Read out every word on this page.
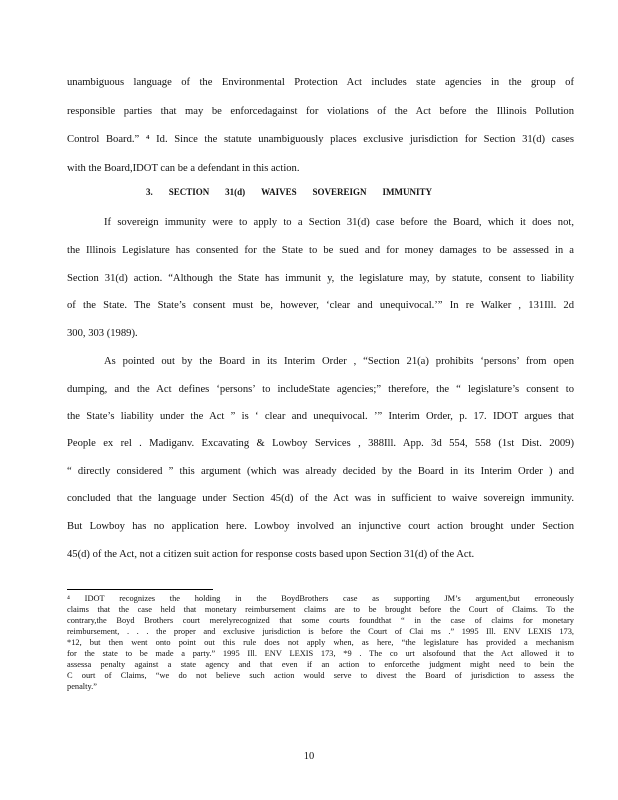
unambiguous language of the Environmental Protection Act includes state agencies in the group of
responsible parties that may be enforcedagainst for violations of the Act before the Illinois Pollution
Control Board.” ⁴ Id. Since the statute unambiguously places exclusive jurisdiction for Section 31(d) cases
with the Board,IDOT can be a defendant in this action.
3. SECTION 31(d) WAIVES SOVEREIGN IMMUNITY
If sovereign immunity were to apply to a Section 31(d) case before the Board, which it does not,
the Illinois Legislature has consented for the State to be sued and for money damages to be assessed in a
Section 31(d) action. “Although the State has immunit y, the legislature may, by statute, consent to liability
of the State. The State’s consent must be, however, ‘clear and unequivocal.’” In re Walker , 131Ill. 2d
300, 303 (1989).
As pointed out by the Board in its Interim Order , “Section 21(a) prohibits ‘persons’ from open
dumping, and the Act defines ‘persons’ to includeState agencies;” therefore, the “ legislature’s consent to
the State’s liability under the Act ” is ‘ clear and unequivocal. ’” Interim Order, p. 17. IDOT argues that
People ex rel . Madiganv. Excavating & Lowboy Services , 388Ill. App. 3d 554, 558 (1st Dist. 2009)
“ directly considered ” this argument (which was already decided by the Board in its Interim Order ) and
concluded that the language under Section 45(d) of the Act was in sufficient to waive sovereign immunity.
But Lowboy has no application here. Lowboy involved an injunctive court action brought under Section
45(d) of the Act, not a citizen suit action for response costs based upon Section 31(d) of the Act.
⁴ IDOT recognizes the holding in the BoydBrothers case as supporting JM’s argument,but erroneously
claims that the case held that monetary reimbursement claims are to be brought before the Court of Claims. To the
contrary,the Boyd Brothers court merelyrecognized that some courts foundthat “ in the case of claims for monetary
reimbursement, . . . the proper and exclusive jurisdiction is before the Court of Clai ms .” 1995 Ill. ENV LEXIS 173,
*12, but then went onto point out this rule does not apply when, as here, “the legislature has provided a mechanism
for the state to be made a party.” 1995 Ill. ENV LEXIS 173, *9 . The co urt alsofound that the Act allowed it to
assessa penalty against a state agency and that even if an action to enforcethe judgment might need to bein the
C ourt of Claims, “we do not believe such action would serve to divest the Board of jurisdiction to assess the
penalty.”
10
